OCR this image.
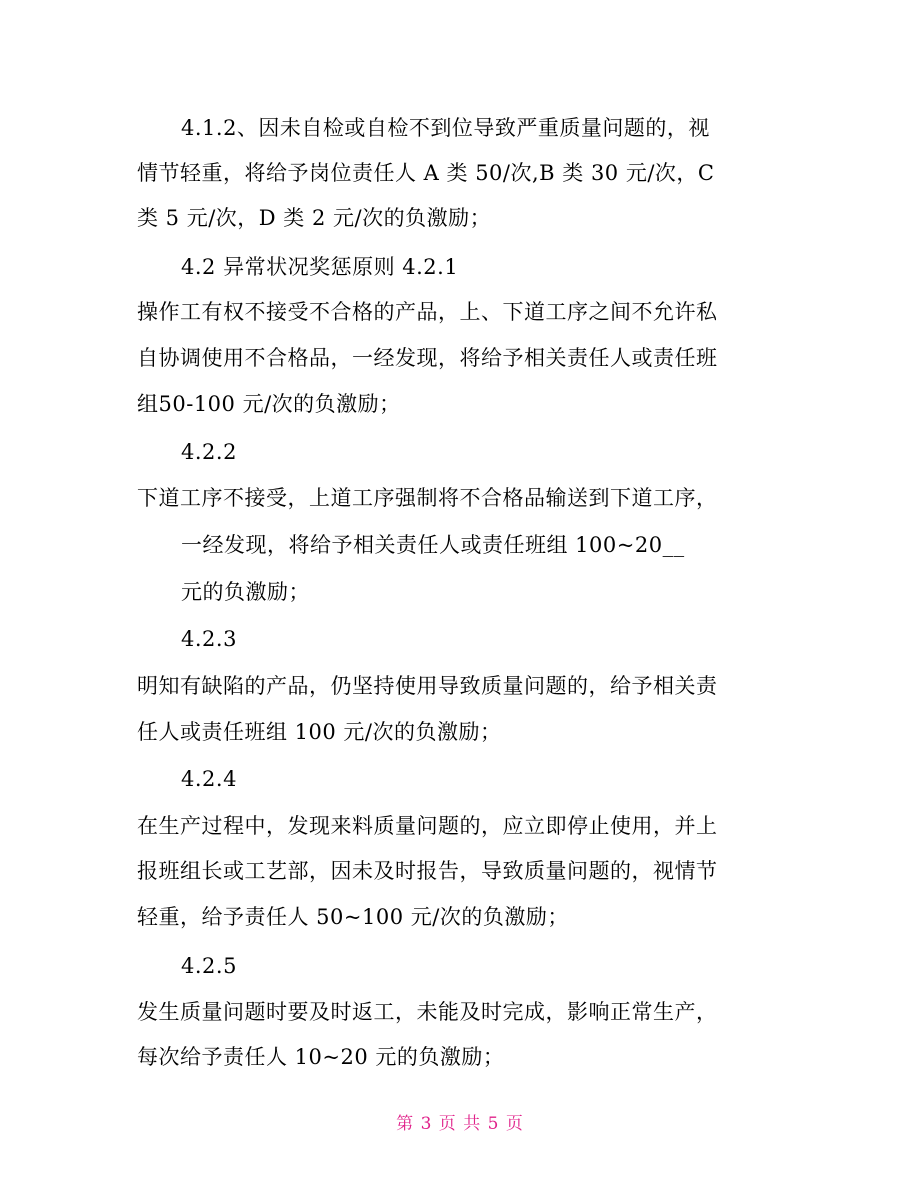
4.1.2、因未自检或自检不到位导致严重质量问题的，视
情节轻重，将给予岗位责任人 A 类 50/次,B 类 30 元/次，C
类 5 元/次，D 类 2 元/次的负激励；
4.2 异常状况奖惩原则 4.2.1
操作工有权不接受不合格的产品，上、下道工序之间不允许私
自协调使用不合格品，一经发现，将给予相关责任人或责任班
组50-100 元/次的负激励；
4.2.2
下道工序不接受，上道工序强制将不合格品输送到下道工序，
一经发现，将给予相关责任人或责任班组 100~20__
元的负激励；
4.2.3
明知有缺陷的产品，仍坚持使用导致质量问题的，给予相关责
任人或责任班组 100 元/次的负激励；
4.2.4
在生产过程中，发现来料质量问题的，应立即停止使用，并上
报班组长或工艺部，因未及时报告，导致质量问题的，视情节
轻重，给予责任人 50~100 元/次的负激励；
4.2.5
发生质量问题时要及时返工，未能及时完成，影响正常生产，
每次给予责任人 10~20 元的负激励；
第 3 页 共 5 页
